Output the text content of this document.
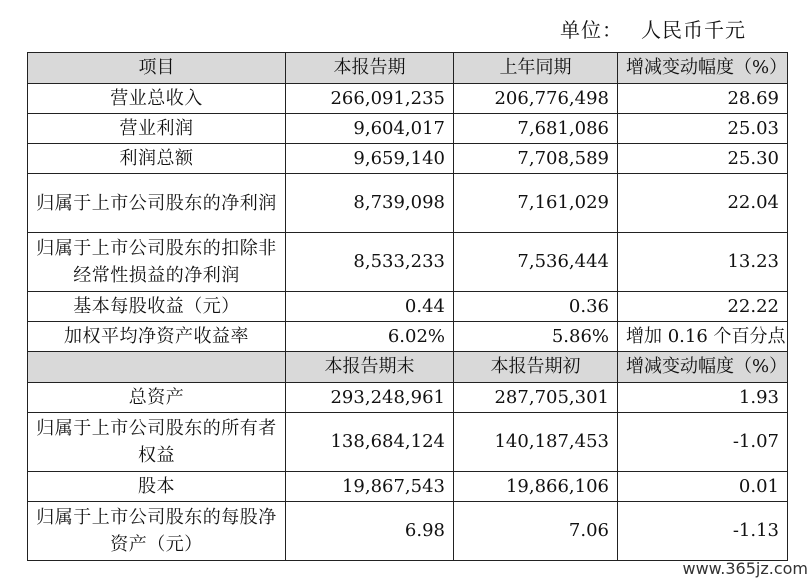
单位： 人民币千元
项目	本报告期	上年同期	增减变动幅度（%）
营业总收入	266,091,235	206,776,498	28.69
营业利润	9,604,017	7,681,086	25.03
利润总额	9,659,140	7,708,589	25.30
归属于上市公司股东的净利润	8,739,098	7,161,029	22.04
归属于上市公司股东的扣除非经常性损益的净利润	8,533,233	7,536,444	13.23
基本每股收益（元）	0.44	0.36	22.22
加权平均净资产收益率	6.02%	5.86%	增加 0.16 个百分点
	本报告期末	本报告期初	增减变动幅度（%）
总资产	293,248,961	287,705,301	1.93
归属于上市公司股东的所有者权益	138,684,124	140,187,453	-1.07
股本	19,867,543	19,866,106	0.01
归属于上市公司股东的每股净资产（元）	6.98	7.06	-1.13
www.365jz.com
